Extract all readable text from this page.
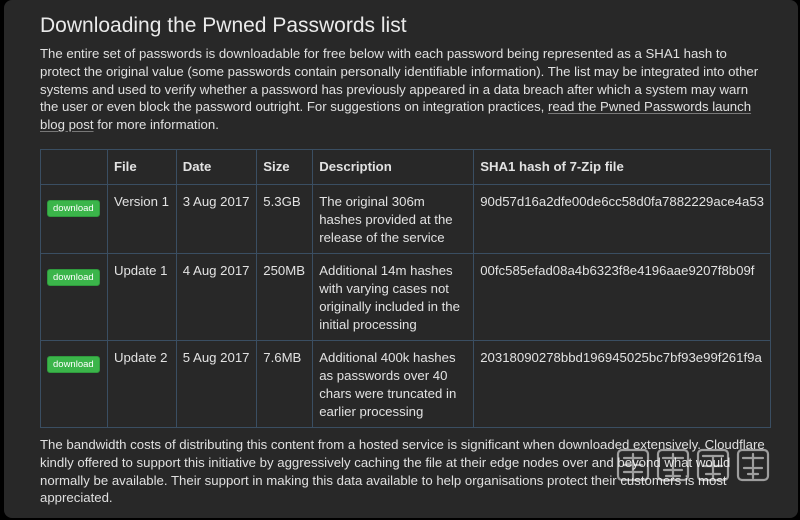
Downloading the Pwned Passwords list

The entire set of passwords is downloadable for free below with each password being represented as a SHA1 hash to protect the original value (some passwords contain personally identifiable information). The list may be integrated into other systems and used to verify whether a password has previously appeared in a data breach after which a system may warn the user or even block the password outright. For suggestions on integration practices, read the Pwned Passwords launch blog post for more information.

	File	Date	Size	Description	SHA1 hash of 7-Zip file
download	Version 1	3 Aug 2017	5.3GB	The original 306m hashes provided at the release of the service	90d57d16a2dfe00de6cc58d0fa7882229ace4a53
download	Update 1	4 Aug 2017	250MB	Additional 14m hashes with varying cases not originally included in the initial processing	00fc585efad08a4b6323f8e4196aae9207f8b09f
download	Update 2	5 Aug 2017	7.6MB	Additional 400k hashes as passwords over 40 chars were truncated in earlier processing	20318090278bbd196945025bc7bf93e99f261f9a

The bandwidth costs of distributing this content from a hosted service is significant when downloaded extensively. Cloudflare kindly offered to support this initiative by aggressively caching the file at their edge nodes over and beyond what would normally be available. Their support in making this data available to help organisations protect their customers is most appreciated.
